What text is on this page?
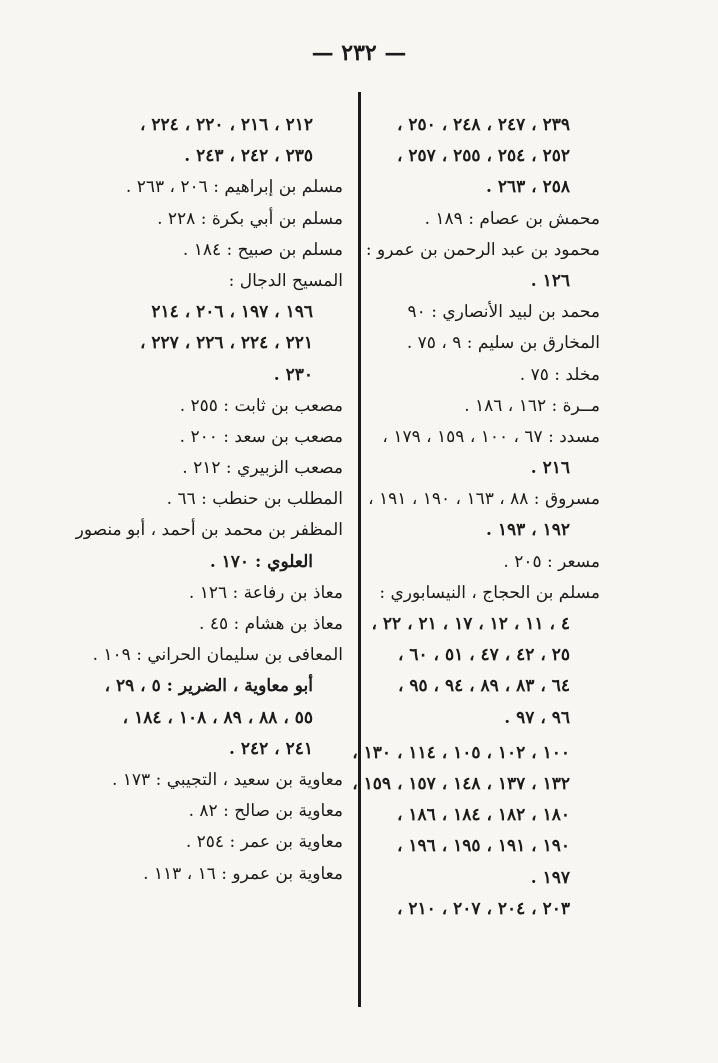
— ٢٣٢ —
٢٣٩ ، ٢٤٧ ، ٢٤٨ ، ٢٥٠ ،
٢٥٢ ، ٢٥٤ ، ٢٥٥ ، ٢٥٧ ،
٢٥٨ ، ٢٦٣ .
محمش بن عصام : ١٨٩ .
محمود بن عبد الرحمن بن عمرو :
١٢٦ .
محمد بن لبيد الأنصاري : ٩٠
المخارق بن سليم : ٩ ، ٧٥ .
مخلد : ٧٥ .
مــرة : ١٦٢ ، ١٨٦ .
مسدد : ٦٧ ، ١٠٠ ، ١٥٩ ، ١٧٩ ،
٢١٦ .
مسروق : ٨٨ ، ١٦٣ ، ١٩٠ ، ١٩١ ،
١٩٢ ، ١٩٣ .
مسعر : ٢٠٥ .
مسلم بن الحجاج ، النيسابوري :
٤ ، ١١ ، ١٢ ، ١٧ ، ٢١ ، ٢٢ ،
٢٥ ، ٤٢ ، ٤٧ ، ٥١ ، ٦٠ ،
٦٤ ، ٨٣ ، ٨٩ ، ٩٤ ، ٩٥ ،
٩٦ ، ٩٧ .
١٠٠ ، ١٠٢ ، ١٠٥ ، ١١٤ ، ١٣٠ ،
١٣٢ ، ١٣٧ ، ١٤٨ ، ١٥٧ ، ١٥٩ ،
١٨٠ ، ١٨٢ ، ١٨٤ ، ١٨٦ ،
١٩٠ ، ١٩١ ، ١٩٥ ، ١٩٦ ،
١٩٧ .
٢٠٣ ، ٢٠٤ ، ٢٠٧ ، ٢١٠ ،
٢١٢ ، ٢١٦ ، ٢٢٠ ، ٢٢٤ ،
٢٣٥ ، ٢٤٢ ، ٢٤٣ .
مسلم بن إبراهيم : ٢٠٦ ، ٢٦٣ .
مسلم بن أبي بكرة : ٢٢٨ .
مسلم بن صبيح : ١٨٤ .
المسيح الدجال :
١٩٦ ، ١٩٧ ، ٢٠٦ ، ٢١٤
٢٢١ ، ٢٢٤ ، ٢٢٦ ، ٢٢٧ ،
٢٣٠ .
مصعب بن ثابت : ٢٥٥ .
مصعب بن سعد : ٢٠٠ .
مصعب الزبيري : ٢١٢ .
المطلب بن حنطب : ٦٦ .
المظفر بن محمد بن أحمد ، أبو منصور
العلوي : ١٧٠ .
معاذ بن رفاعة : ١٢٦ .
معاذ بن هشام : ٤٥ .
المعافى بن سليمان الحراني : ١٠٩ .
أبو معاوية ، الضرير : ٥ ، ٢٩ ،
٥٥ ، ٨٨ ، ٨٩ ، ١٠٨ ، ١٨٤ ،
٢٤١ ، ٢٤٢ .
معاوية بن سعيد ، التجيبي : ١٧٣ .
معاوية بن صالح : ٨٢ .
معاوية بن عمر : ٢٥٤ .
معاوية بن عمرو : ١٦ ، ١١٣ .
